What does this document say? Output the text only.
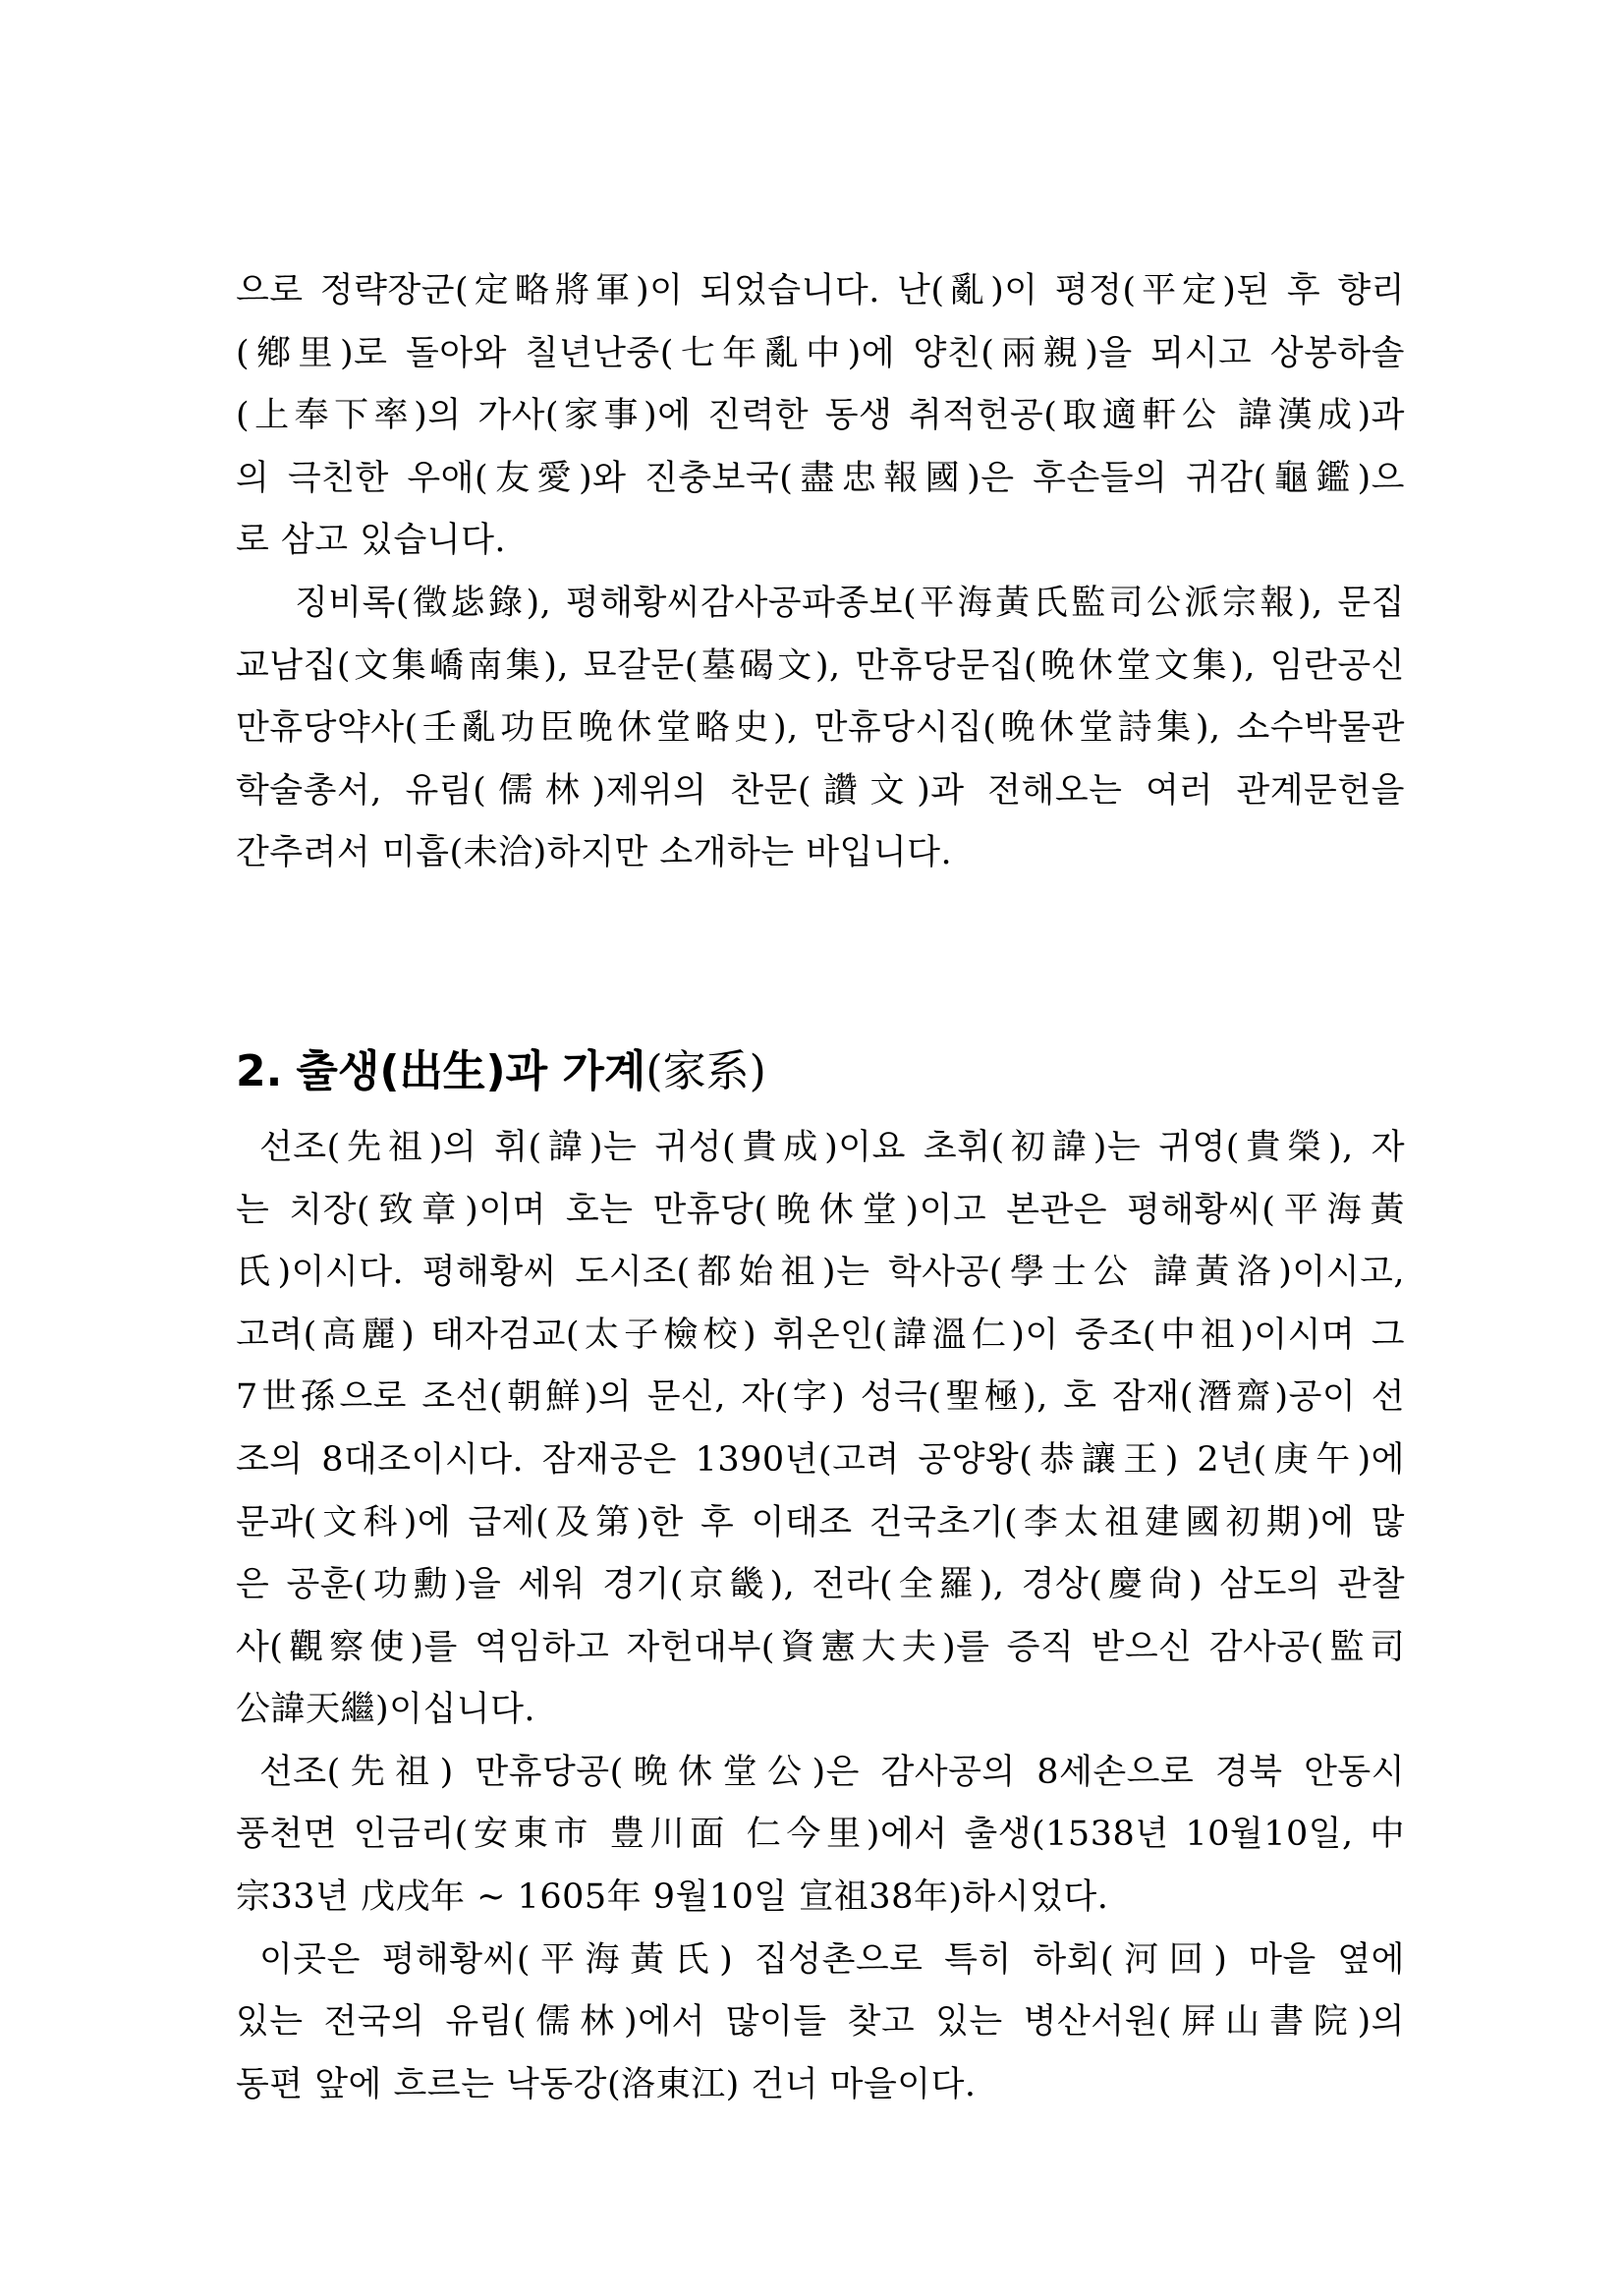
으로 정략장군(定略將軍)이 되었습니다. 난(亂)이 평정(平定)된 후 향리
(鄕里)로 돌아와 칠년난중(七年亂中)에 양친(兩親)을 뫼시고 상봉하솔
(上奉下率)의 가사(家事)에 진력한 동생 취적헌공(取適軒公 諱漢成)과
의 극친한 우애(友愛)와 진충보국(盡忠報國)은 후손들의 귀감(龜鑑)으
로 삼고 있습니다.
징비록(徵毖錄), 평해황씨감사공파종보(平海黃氏監司公派宗報), 문집
교남집(文集嶠南集), 묘갈문(墓碣文), 만휴당문집(晩休堂文集), 임란공신
만휴당약사(壬亂功臣晩休堂略史), 만휴당시집(晩休堂詩集), 소수박물관
학술총서, 유림(儒林)제위의 찬문(讚文)과 전해오는 여러 관계문헌을
간추려서 미흡(未洽)하지만 소개하는 바입니다.
2. 출생(出生)과 가계(家系)
선조(先祖)의 휘(諱)는 귀성(貴成)이요 초휘(初諱)는 귀영(貴榮), 자
는 치장(致章)이며 호는 만휴당(晩休堂)이고 본관은 평해황씨(平海黃
氏)이시다. 평해황씨 도시조(都始祖)는 학사공(學士公 諱黃洛)이시고,
고려(高麗) 태자검교(太子檢校) 휘온인(諱溫仁)이 중조(中祖)이시며 그
7世孫으로 조선(朝鮮)의 문신, 자(字) 성극(聖極), 호 잠재(潛齋)공이 선
조의 8대조이시다. 잠재공은 1390년(고려 공양왕(恭讓王) 2년(庚午)에
문과(文科)에 급제(及第)한 후 이태조 건국초기(李太祖建國初期)에 많
은 공훈(功勳)을 세워 경기(京畿), 전라(全羅), 경상(慶尙) 삼도의 관찰
사(觀察使)를 역임하고 자헌대부(資憲大夫)를 증직 받으신 감사공(監司
公諱天繼)이십니다.
선조(先祖) 만휴당공(晩休堂公)은 감사공의 8세손으로 경북 안동시
풍천면 인금리(安東市 豊川面 仁今里)에서 출생(1538년 10월10일, 中
宗33년 戊戌年 ~ 1605年 9월10일 宣祖38年)하시었다.
이곳은 평해황씨(平海黃氏) 집성촌으로 특히 하회(河回) 마을 옆에
있는 전국의 유림(儒林)에서 많이들 찾고 있는 병산서원(屛山書院)의
동편 앞에 흐르는 낙동강(洛東江) 건너 마을이다.
